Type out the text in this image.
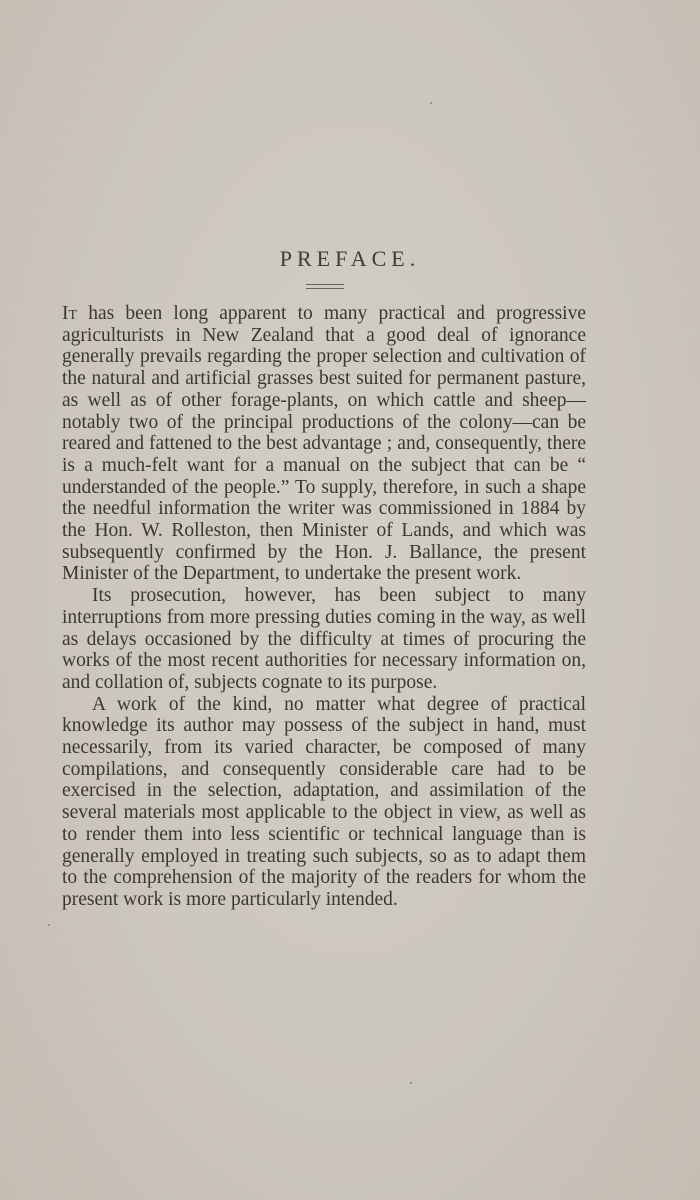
PREFACE.

It has been long apparent to many practical and progressive agriculturists in New Zealand that a good deal of ignorance generally prevails regarding the proper selection and cultivation of the natural and artificial grasses best suited for permanent pasture, as well as of other forage-plants, on which cattle and sheep—notably two of the principal productions of the colony—can be reared and fattened to the best advantage ; and, consequently, there is a much-felt want for a manual on the subject that can be “ understanded of the people.” To supply, therefore, in such a shape the needful information the writer was commissioned in 1884 by the Hon. W. Rolleston, then Minister of Lands, and which was subsequently confirmed by the Hon. J. Ballance, the present Minister of the Department, to undertake the present work.

Its prosecution, however, has been subject to many interruptions from more pressing duties coming in the way, as well as delays occasioned by the difficulty at times of procuring the works of the most recent authorities for necessary information on, and collation of, subjects cognate to its purpose.

A work of the kind, no matter what degree of practical knowledge its author may possess of the subject in hand, must necessarily, from its varied character, be composed of many compilations, and consequently considerable care had to be exercised in the selection, adaptation, and assimilation of the several materials most applicable to the object in view, as well as to render them into less scientific or technical language than is generally employed in treating such subjects, so as to adapt them to the comprehension of the majority of the readers for whom the present work is more particularly intended.
